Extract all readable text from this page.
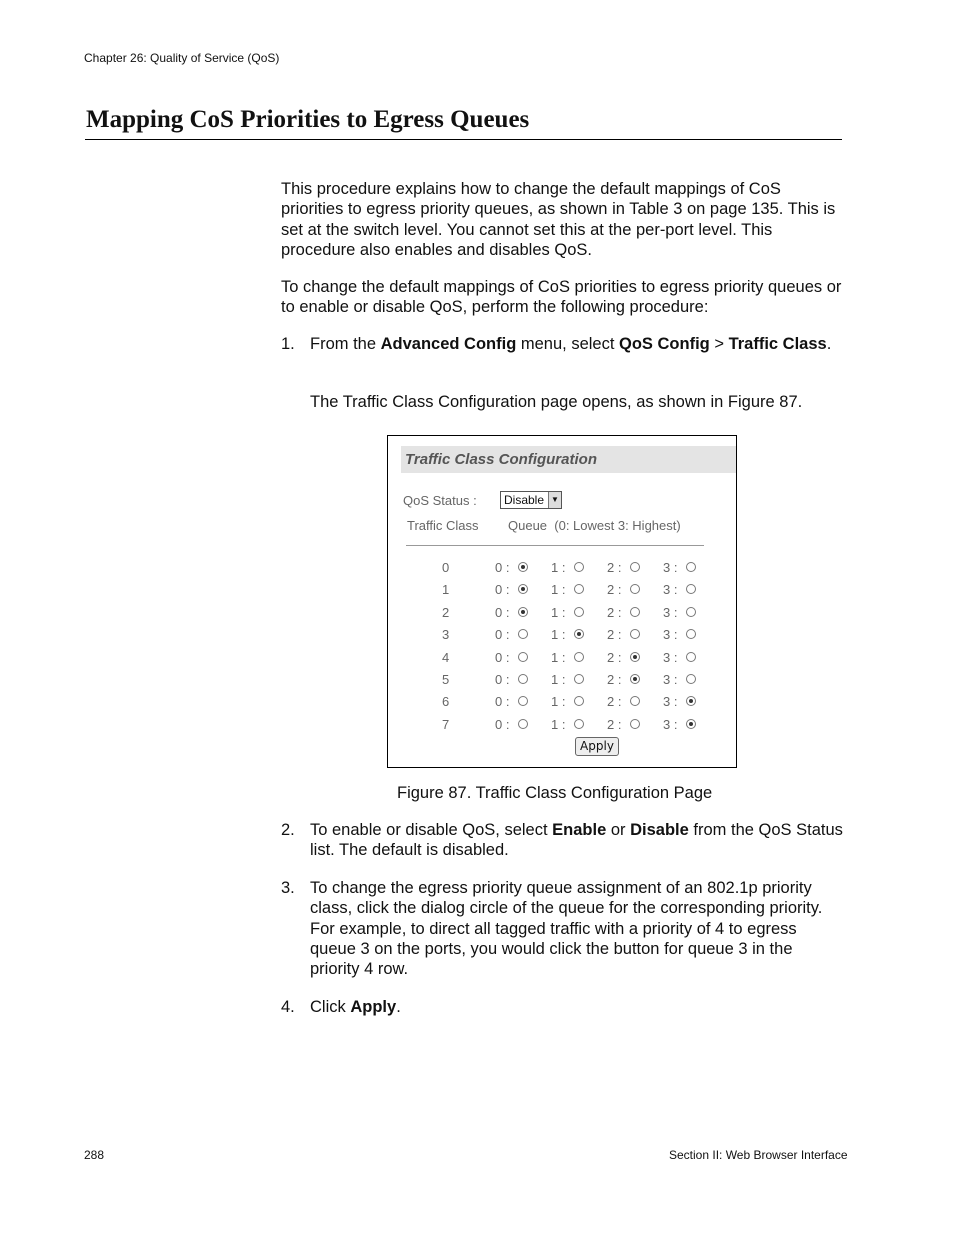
Chapter 26: Quality of Service (QoS)
Mapping CoS Priorities to Egress Queues

This procedure explains how to change the default mappings of CoS priorities to egress priority queues, as shown in Table 3 on page 135. This is set at the switch level. You cannot set this at the per-port level. This procedure also enables and disables QoS.

To change the default mappings of CoS priorities to egress priority queues or to enable or disable QoS, perform the following procedure:

1. From the Advanced Config menu, select QoS Config > Traffic Class.

The Traffic Class Configuration page opens, as shown in Figure 87.

Traffic Class Configuration
QoS Status : Disable ▼
Traffic Class Queue  (0: Lowest 3: Highest)
0	0 :	1 :	2 :	3 :
1	0 :	1 :	2 :	3 :
2	0 :	1 :	2 :	3 :
3	0 :	1 :	2 :	3 :
4	0 :	1 :	2 :	3 :
5	0 :	1 :	2 :	3 :
6	0 :	1 :	2 :	3 :
7	0 :	1 :	2 :	3 :
Apply
Figure 87. Traffic Class Configuration Page
2. To enable or disable QoS, select Enable or Disable from the QoS Status list. The default is disabled.

3. To change the egress priority queue assignment of an 802.1p priority class, click the dialog circle of the queue for the corresponding priority. For example, to direct all tagged traffic with a priority of 4 to egress queue 3 on the ports, you would click the button for queue 3 in the priority 4 row.

4. Click Apply.

288	Section II: Web Browser Interface
